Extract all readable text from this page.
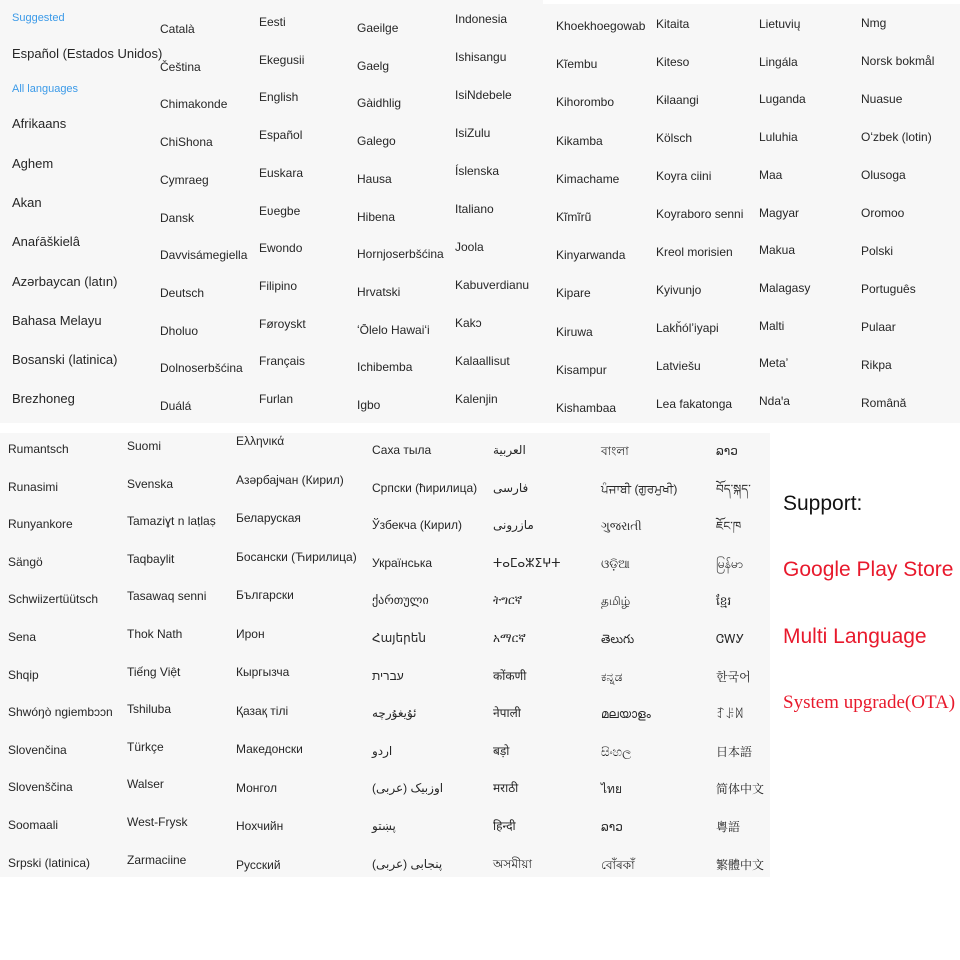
Suggested
All languages
Español (Estados Unidos)
Afrikaans
Aghem
Akan
Anaŕāškielâ
Azərbaycan (latın)
Bahasa Melayu
Bosanski (latinica)
Brezhoneg
Català
Čeština
Chimakonde
ChiShona
Cymraeg
Dansk
Davvisámegiella
Deutsch
Dholuo
Dolnoserbšćina
Duálá
Eesti
Ekegusii
English
Español
Euskara
Eʋegbe
Ewondo
Filipino
Føroyskt
Français
Furlan
Gaeilge
Gaelg
Gàidhlig
Galego
Hausa
Hibena
Hornjoserbšćina
Hrvatski
ʻŌlelo Hawaiʻi
Ichibemba
Igbo
Indonesia
Ishisangu
IsiNdebele
IsiZulu
Íslenska
Italiano
Joola
Kabuverdianu
Kakɔ
Kalaallisut
Kalenjin
Khoekhoegowab
Kĩembu
Kihorombo
Kikamba
Kimachame
Kĩmĩrũ
Kinyarwanda
Kipare
Kiruwa
Kisampur
Kishambaa
Kitaita
Kiteso
Kɨlaangi
Kölsch
Koyra ciini
Koyraboro senni
Kreol morisien
Kyivunjo
Lakȟólʼiyapi
Latviešu
Lea fakatonga
Lietuvių
Lingála
Luganda
Luluhia
Maa
Magyar
Makua
Malagasy
Malti
Metaʼ
Ndaꞌa
Nmg
Norsk bokmål
Nuasue
Oʻzbek (lotin)
Olusoga
Oromoo
Polski
Português
Pulaar
Rikpa
Română
Rumantsch
Runasimi
Runyankore
Sängö
Schwiizertüütsch
Sena
Shqip
Shwóŋò ngiembɔɔn
Slovenčina
Slovenščina
Soomaali
Srpski (latinica)
Suomi
Svenska
Tamaziɣt n laṭlaṣ
Taqbaylit
Tasawaq senni
Thok Nath
Tiếng Việt
Tshiluba
Türkçe
Walser
West-Frysk
Zarmaciine
Ελληνικά
Азәрбајҹан (Кирил)
Беларуская
Босански (Ћирилица)
Български
Ирон
Кыргызча
Қазақ тілі
Македонски
Монгол
Нохчийн
Русский
Саха тыла
Српски (ћирилица)
Ўзбекча (Кирил)
Українська
ქართული
Հայերեն
עברית
ئۇيغۇرچە
اردو
اوزبیک (عربی)
پښتو
پنجابی (عربی)
العربية
فارسی
مازرونی
ⵜⴰⵎⴰⵣⵉⵖⵜ
ትግርኛ
አማርኛ
कोंकणी
नेपाली
बड़ो
मराठी
हिन्दी
অসমীয়া
বাংলা
ਪੰਜਾਬੀ (ਗੁਰਮੁਖੀ)
ગુજરાતી
ଓଡ଼ିଆ
தமிழ்
తెలుగు
ಕನ್ನಡ
മലയാളം
සිංහල
ไทย
ລາວ
বোঁৰকাঁ
ລາວ
བོད་སྐད་
ཇོང་ཁ
မြန်မာ
ខ្មែរ
ᏣᎳᎩ
한국어
ꆈꌠꉙ
日本語
简体中文
粵語
繁體中文
Support:
Google Play Store
Multi Language
System upgrade(OTA)
